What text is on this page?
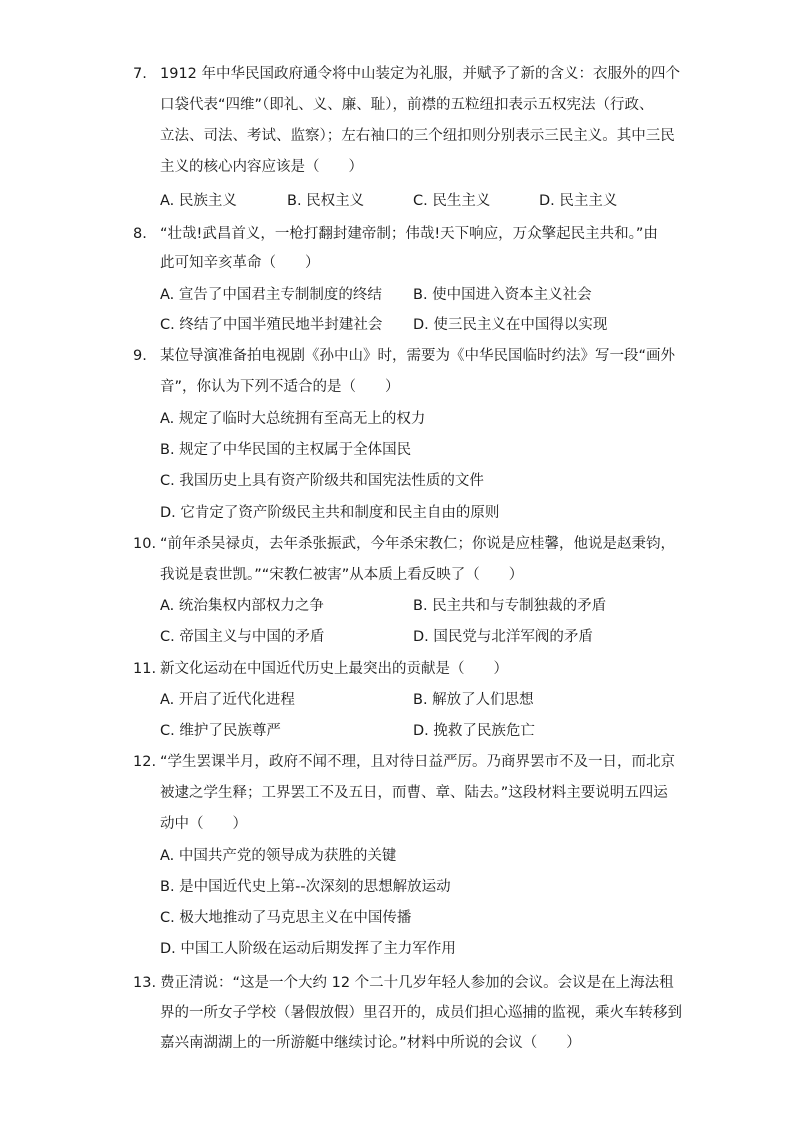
7. 1912 年中华民国政府通令将中山装定为礼服，并赋予了新的含义：衣服外的四个
口袋代表“四维”（即礼、义、廉、耻），前襟的五粒纽扣表示五权宪法（行政、
立法、司法、考试、监察）；左右袖口的三个纽扣则分别表示三民主义。其中三民
主义的核心内容应该是（　　）
A. 民族主义	B. 民权主义	C. 民生主义	D. 民主主义
8. “壮哉!武昌首义，一枪打翻封建帝制；伟哉!天下响应，万众擎起民主共和。”由
此可知辛亥革命（　　）
A. 宣告了中国君主专制制度的终结 B. 使中国进入资本主义社会
C. 终结了中国半殖民地半封建社会 D. 使三民主义在中国得以实现
9. 某位导演准备拍电视剧《孙中山》时，需要为《中华民国临时约法》写一段“画外
音”，你认为下列不适合的是（　　）
A. 规定了临时大总统拥有至高无上的权力
B. 规定了中华民国的主权属于全体国民
C. 我国历史上具有资产阶级共和国宪法性质的文件
D. 它肯定了资产阶级民主共和制度和民主自由的原则
10. “前年杀吴禄贞，去年杀张振武，今年杀宋教仁；你说是应桂馨，他说是赵秉钧，
我说是袁世凯。”“宋教仁被害”从本质上看反映了（　　）
A. 统治集权内部权力之争	B. 民主共和与专制独裁的矛盾
C. 帝国主义与中国的矛盾	D. 国民党与北洋军阀的矛盾
11. 新文化运动在中国近代历史上最突出的贡献是（　　）
A. 开启了近代化进程	B. 解放了人们思想
C. 维护了民族尊严	D. 挽救了民族危亡
12. “学生罢课半月，政府不闻不理，且对待日益严厉。乃商界罢市不及一日，而北京
被逮之学生释；工界罢工不及五日，而曹、章、陆去。”这段材料主要说明五四运
动中（　　）
A. 中国共产党的领导成为获胜的关键
B. 是中国近代史上第--次深刻的思想解放运动
C. 极大地推动了马克思主义在中国传播
D. 中国工人阶级在运动后期发挥了主力军作用
13. 费正清说：“这是一个大约 12 个二十几岁年轻人参加的会议。会议是在上海法租
界的一所女子学校（暑假放假）里召开的，成员们担心巡捕的监视，乘火车转移到
嘉兴南湖湖上的一所游艇中继续讨论。”材料中所说的会议（　　）
